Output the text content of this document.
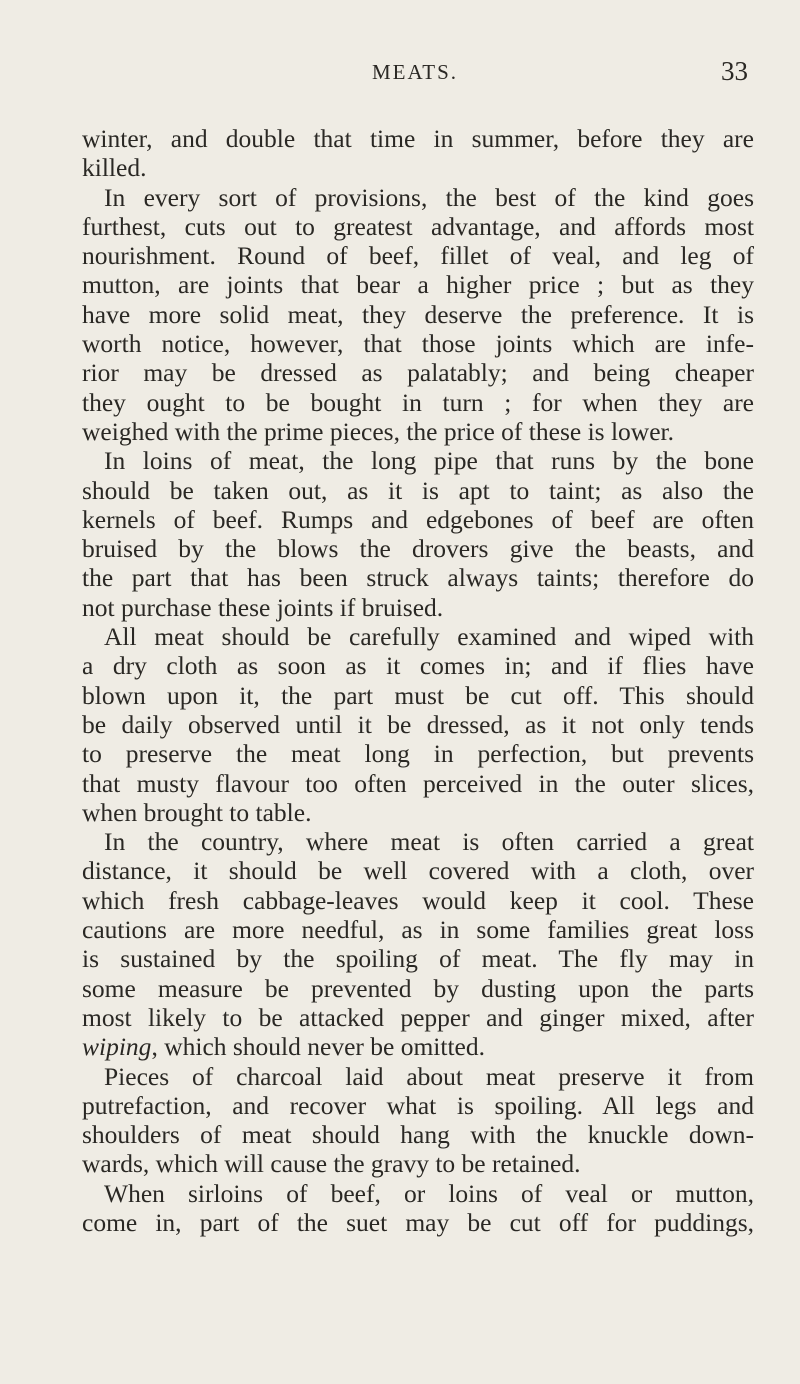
MEATS.	33
winter, and double that time in summer, before they are
killed.
In every sort of provisions, the best of the kind goes
furthest, cuts out to greatest advantage, and affords most
nourishment. Round of beef, fillet of veal, and leg of
mutton, are joints that bear a higher price ; but as they
have more solid meat, they deserve the preference. It is
worth notice, however, that those joints which are infe-
rior may be dressed as palatably; and being cheaper
they ought to be bought in turn ; for when they are
weighed with the prime pieces, the price of these is lower.
In loins of meat, the long pipe that runs by the bone
should be taken out, as it is apt to taint; as also the
kernels of beef. Rumps and edgebones of beef are often
bruised by the blows the drovers give the beasts, and
the part that has been struck always taints; therefore do
not purchase these joints if bruised.
All meat should be carefully examined and wiped with
a dry cloth as soon as it comes in; and if flies have
blown upon it, the part must be cut off. This should
be daily observed until it be dressed, as it not only tends
to preserve the meat long in perfection, but prevents
that musty flavour too often perceived in the outer slices,
when brought to table.
In the country, where meat is often carried a great
distance, it should be well covered with a cloth, over
which fresh cabbage-leaves would keep it cool. These
cautions are more needful, as in some families great loss
is sustained by the spoiling of meat. The fly may in
some measure be prevented by dusting upon the parts
most likely to be attacked pepper and ginger mixed, after
wiping, which should never be omitted.
Pieces of charcoal laid about meat preserve it from
putrefaction, and recover what is spoiling. All legs and
shoulders of meat should hang with the knuckle down-
wards, which will cause the gravy to be retained.
When sirloins of beef, or loins of veal or mutton,
come in, part of the suet may be cut off for puddings,
